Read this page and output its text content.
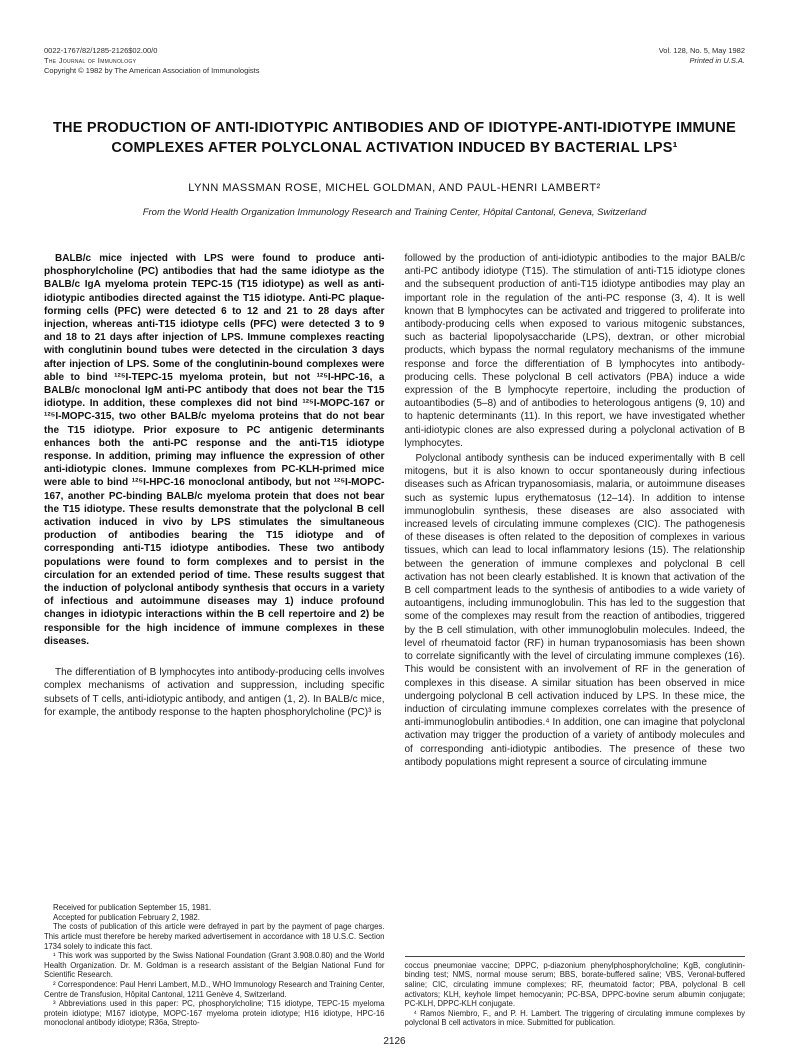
0022-1767/82/1285-2126$02.00/0
The Journal of Immunology
Copyright © 1982 by The American Association of Immunologists
Vol. 128, No. 5, May 1982
Printed in U.S.A.
THE PRODUCTION OF ANTI-IDIOTYPIC ANTIBODIES AND OF IDIOTYPE-ANTI-IDIOTYPE IMMUNE COMPLEXES AFTER POLYCLONAL ACTIVATION INDUCED BY BACTERIAL LPS¹
LYNN MASSMAN ROSE, MICHEL GOLDMAN, AND PAUL-HENRI LAMBERT²
From the World Health Organization Immunology Research and Training Center, Hôpital Cantonal, Geneva, Switzerland

BALB/c mice injected with LPS were found to produce anti-phosphorylcholine (PC) antibodies that had the same idiotype as the BALB/c IgA myeloma protein TEPC-15 (T15 idiotype) as well as anti-idiotypic antibodies directed against the T15 idiotype. Anti-PC plaque-forming cells (PFC) were detected 6 to 12 and 21 to 28 days after injection, whereas anti-T15 idiotype cells (PFC) were detected 3 to 9 and 18 to 21 days after injection of LPS. Immune complexes reacting with conglutinin bound tubes were detected in the circulation 3 days after injection of LPS. Some of the conglutinin-bound complexes were able to bind ¹²⁵I-TEPC-15 myeloma protein, but not ¹²⁵I-HPC-16, a BALB/c monoclonal IgM anti-PC antibody that does not bear the T15 idiotype. In addition, these complexes did not bind ¹²⁵I-MOPC-167 or ¹²⁵I-MOPC-315, two other BALB/c myeloma proteins that do not bear the T15 idiotype. Prior exposure to PC antigenic determinants enhances both the anti-PC response and the anti-T15 idiotype response. In addition, priming may influence the expression of other anti-idiotypic clones. Immune complexes from PC-KLH-primed mice were able to bind ¹²⁵I-HPC-16 monoclonal antibody, but not ¹²⁵I-MOPC-167, another PC-binding BALB/c myeloma protein that does not bear the T15 idiotype. These results demonstrate that the polyclonal B cell activation induced in vivo by LPS stimulates the simultaneous production of antibodies bearing the T15 idiotype and of corresponding anti-T15 idiotype antibodies. These two antibody populations were found to form complexes and to persist in the circulation for an extended period of time. These results suggest that the induction of polyclonal antibody synthesis that occurs in a variety of infectious and autoimmune diseases may 1) induce profound changes in idiotypic interactions within the B cell repertoire and 2) be responsible for the high incidence of immune complexes in these diseases.

The differentiation of B lymphocytes into antibody-producing cells involves complex mechanisms of activation and suppression, including specific subsets of T cells, anti-idiotypic antibody, and antigen (1, 2). In BALB/c mice, for example, the antibody response to the hapten phosphorylcholine (PC)³ is

Received for publication September 15, 1981.

Accepted for publication February 2, 1982.

The costs of publication of this article were defrayed in part by the payment of page charges. This article must therefore be hereby marked advertisement in accordance with 18 U.S.C. Section 1734 solely to indicate this fact.

¹ This work was supported by the Swiss National Foundation (Grant 3.908.0.80) and the World Health Organization. Dr. M. Goldman is a research assistant of the Belgian National Fund for Scientific Research.

² Correspondence: Paul Henri Lambert, M.D., WHO Immunology Research and Training Center, Centre de Transfusion, Hôpital Cantonal, 1211 Genève 4, Switzerland.

³ Abbreviations used in this paper: PC, phosphorylcholine; T15 idiotype, TEPC-15 myeloma protein idiotype; M167 idiotype, MOPC-167 myeloma protein idiotype; H16 idiotype, HPC-16 monoclonal antibody idiotype; R36a, Strepto-

followed by the production of anti-idiotypic antibodies to the major BALB/c anti-PC antibody idiotype (T15). The stimulation of anti-T15 idiotype clones and the subsequent production of anti-T15 idiotype antibodies may play an important role in the regulation of the anti-PC response (3, 4). It is well known that B lymphocytes can be activated and triggered to proliferate into antibody-producing cells when exposed to various mitogenic substances, such as bacterial lipopolysaccharide (LPS), dextran, or other microbial products, which bypass the normal regulatory mechanisms of the immune response and force the differentiation of B lymphocytes into antibody-producing cells. These polyclonal B cell activators (PBA) induce a wide expression of the B lymphocyte repertoire, including the production of autoantibodies (5–8) and of antibodies to heterologous antigens (9, 10) and to haptenic determinants (11). In this report, we have investigated whether anti-idiotypic clones are also expressed during a polyclonal activation of B lymphocytes.

Polyclonal antibody synthesis can be induced experimentally with B cell mitogens, but it is also known to occur spontaneously during infectious diseases such as African trypanosomiasis, malaria, or autoimmune diseases such as systemic lupus erythematosus (12–14). In addition to intense immunoglobulin synthesis, these diseases are also associated with increased levels of circulating immune complexes (CIC). The pathogenesis of these diseases is often related to the deposition of complexes in various tissues, which can lead to local inflammatory lesions (15). The relationship between the generation of immune complexes and polyclonal B cell activation has not been clearly established. It is known that activation of the B cell compartment leads to the synthesis of antibodies to a wide variety of autoantigens, including immunoglobulin. This has led to the suggestion that some of the complexes may result from the reaction of antibodies, triggered by the B cell stimulation, with other immunoglobulin molecules. Indeed, the level of rheumatoid factor (RF) in human trypanosomiasis has been shown to correlate significantly with the level of circulating immune complexes (16). This would be consistent with an involvement of RF in the generation of complexes in this disease. A similar situation has been observed in mice undergoing polyclonal B cell activation induced by LPS. In these mice, the induction of circulating immune complexes correlates with the presence of anti-immunoglobulin antibodies.⁴ In addition, one can imagine that polyclonal activation may trigger the production of a variety of antibody molecules and of corresponding anti-idiotypic antibodies. The presence of these two antibody populations might represent a source of circulating immune

coccus pneumoniae vaccine; DPPC, p-diazonium phenylphosphorylcholine; KgB, conglutinin-binding test; NMS, normal mouse serum; BBS, borate-buffered saline; VBS, Veronal-buffered saline; CIC, circulating immune complexes; RF, rheumatoid factor; PBA, polyclonal B cell activators; KLH, keyhole limpet hemocyanin; PC-BSA, DPPC-bovine serum albumin conjugate; PC-KLH, DPPC-KLH conjugate.

⁴ Ramos Niembro, F., and P. H. Lambert. The triggering of circulating immune complexes by polyclonal B cell activators in mice. Submitted for publication.

2126
